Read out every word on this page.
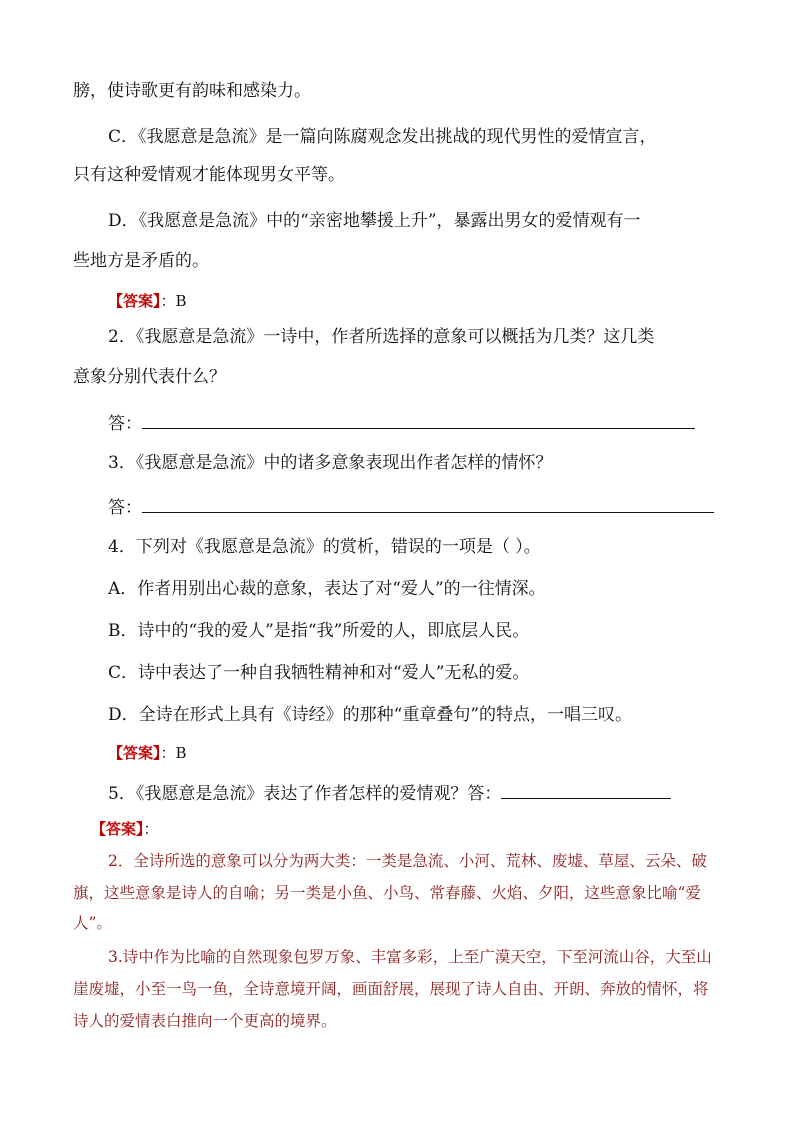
膀，使诗歌更有韵味和感染力。
C．《我愿意是急流》是一篇向陈腐观念发出挑战的现代男性的爱情宣言，
只有这种爱情观才能体现男女平等。
D．《我愿意是急流》中的“亲密地攀援上升”，暴露出男女的爱情观有一
些地方是矛盾的。
【答案】：B
2．《我愿意是急流》一诗中，作者所选择的意象可以概括为几类？这几类
意象分别代表什么？
答：
3．《我愿意是急流》中的诸多意象表现出作者怎样的情怀？
答：
4．下列对《我愿意是急流》的赏析，错误的一项是（ ）。
A．作者用别出心裁的意象，表达了对“爱人”的一往情深。
B．诗中的“我的爱人”是指“我”所爱的人，即底层人民。
C．诗中表达了一种自我牺牲精神和对“爱人”无私的爱。
D．全诗在形式上具有《诗经》的那种“重章叠句”的特点，一唱三叹。
【答案】：B
5．《我愿意是急流》表达了作者怎样的爱情观？答：
【答案】：
2．全诗所选的意象可以分为两大类：一类是急流、小河、荒林、废墟、草屋、云朵、破
旗，这些意象是诗人的自喻；另一类是小鱼、小鸟、常春藤、火焰、夕阳，这些意象比喻“爱
人”。
3.诗中作为比喻的自然现象包罗万象、丰富多彩，上至广漠天空，下至河流山谷，大至山
崖废墟，小至一鸟一鱼，全诗意境开阔，画面舒展，展现了诗人自由、开朗、奔放的情怀，将
诗人的爱情表白推向一个更高的境界。
